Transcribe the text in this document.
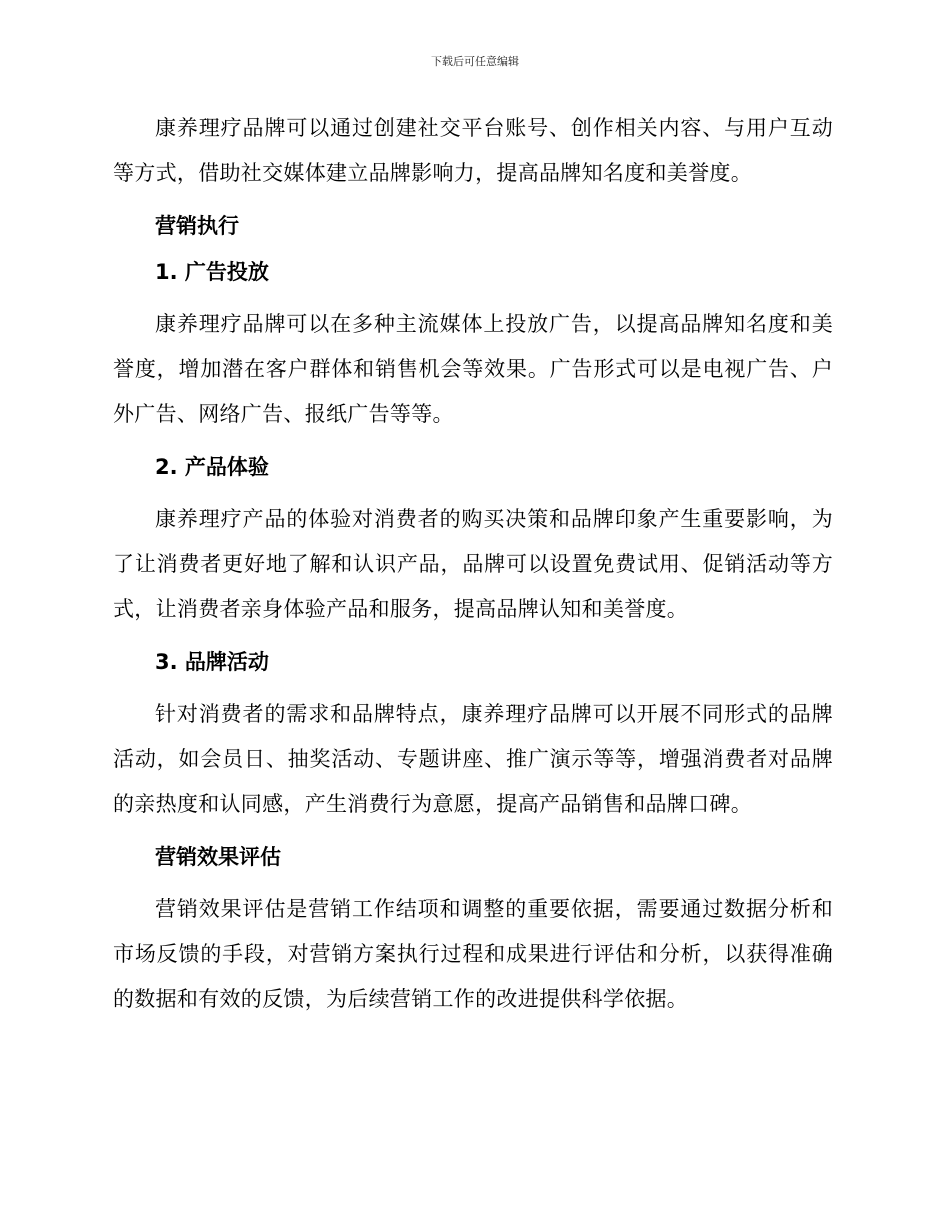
下载后可任意编辑

康养理疗品牌可以通过创建社交平台账号、创作相关内容、与用户互动等方式，借助社交媒体建立品牌影响力，提高品牌知名度和美誉度。

营销执行
1. 广告投放

康养理疗品牌可以在多种主流媒体上投放广告，以提高品牌知名度和美誉度，增加潜在客户群体和销售机会等效果。广告形式可以是电视广告、户外广告、网络广告、报纸广告等等。

2. 产品体验

康养理疗产品的体验对消费者的购买决策和品牌印象产生重要影响，为了让消费者更好地了解和认识产品，品牌可以设置免费试用、促销活动等方式，让消费者亲身体验产品和服务，提高品牌认知和美誉度。

3. 品牌活动

针对消费者的需求和品牌特点，康养理疗品牌可以开展不同形式的品牌活动，如会员日、抽奖活动、专题讲座、推广演示等等，增强消费者对品牌的亲热度和认同感，产生消费行为意愿，提高产品销售和品牌口碑。

营销效果评估

营销效果评估是营销工作结项和调整的重要依据，需要通过数据分析和市场反馈的手段，对营销方案执行过程和成果进行评估和分析，以获得准确的数据和有效的反馈，为后续营销工作的改进提供科学依据。
